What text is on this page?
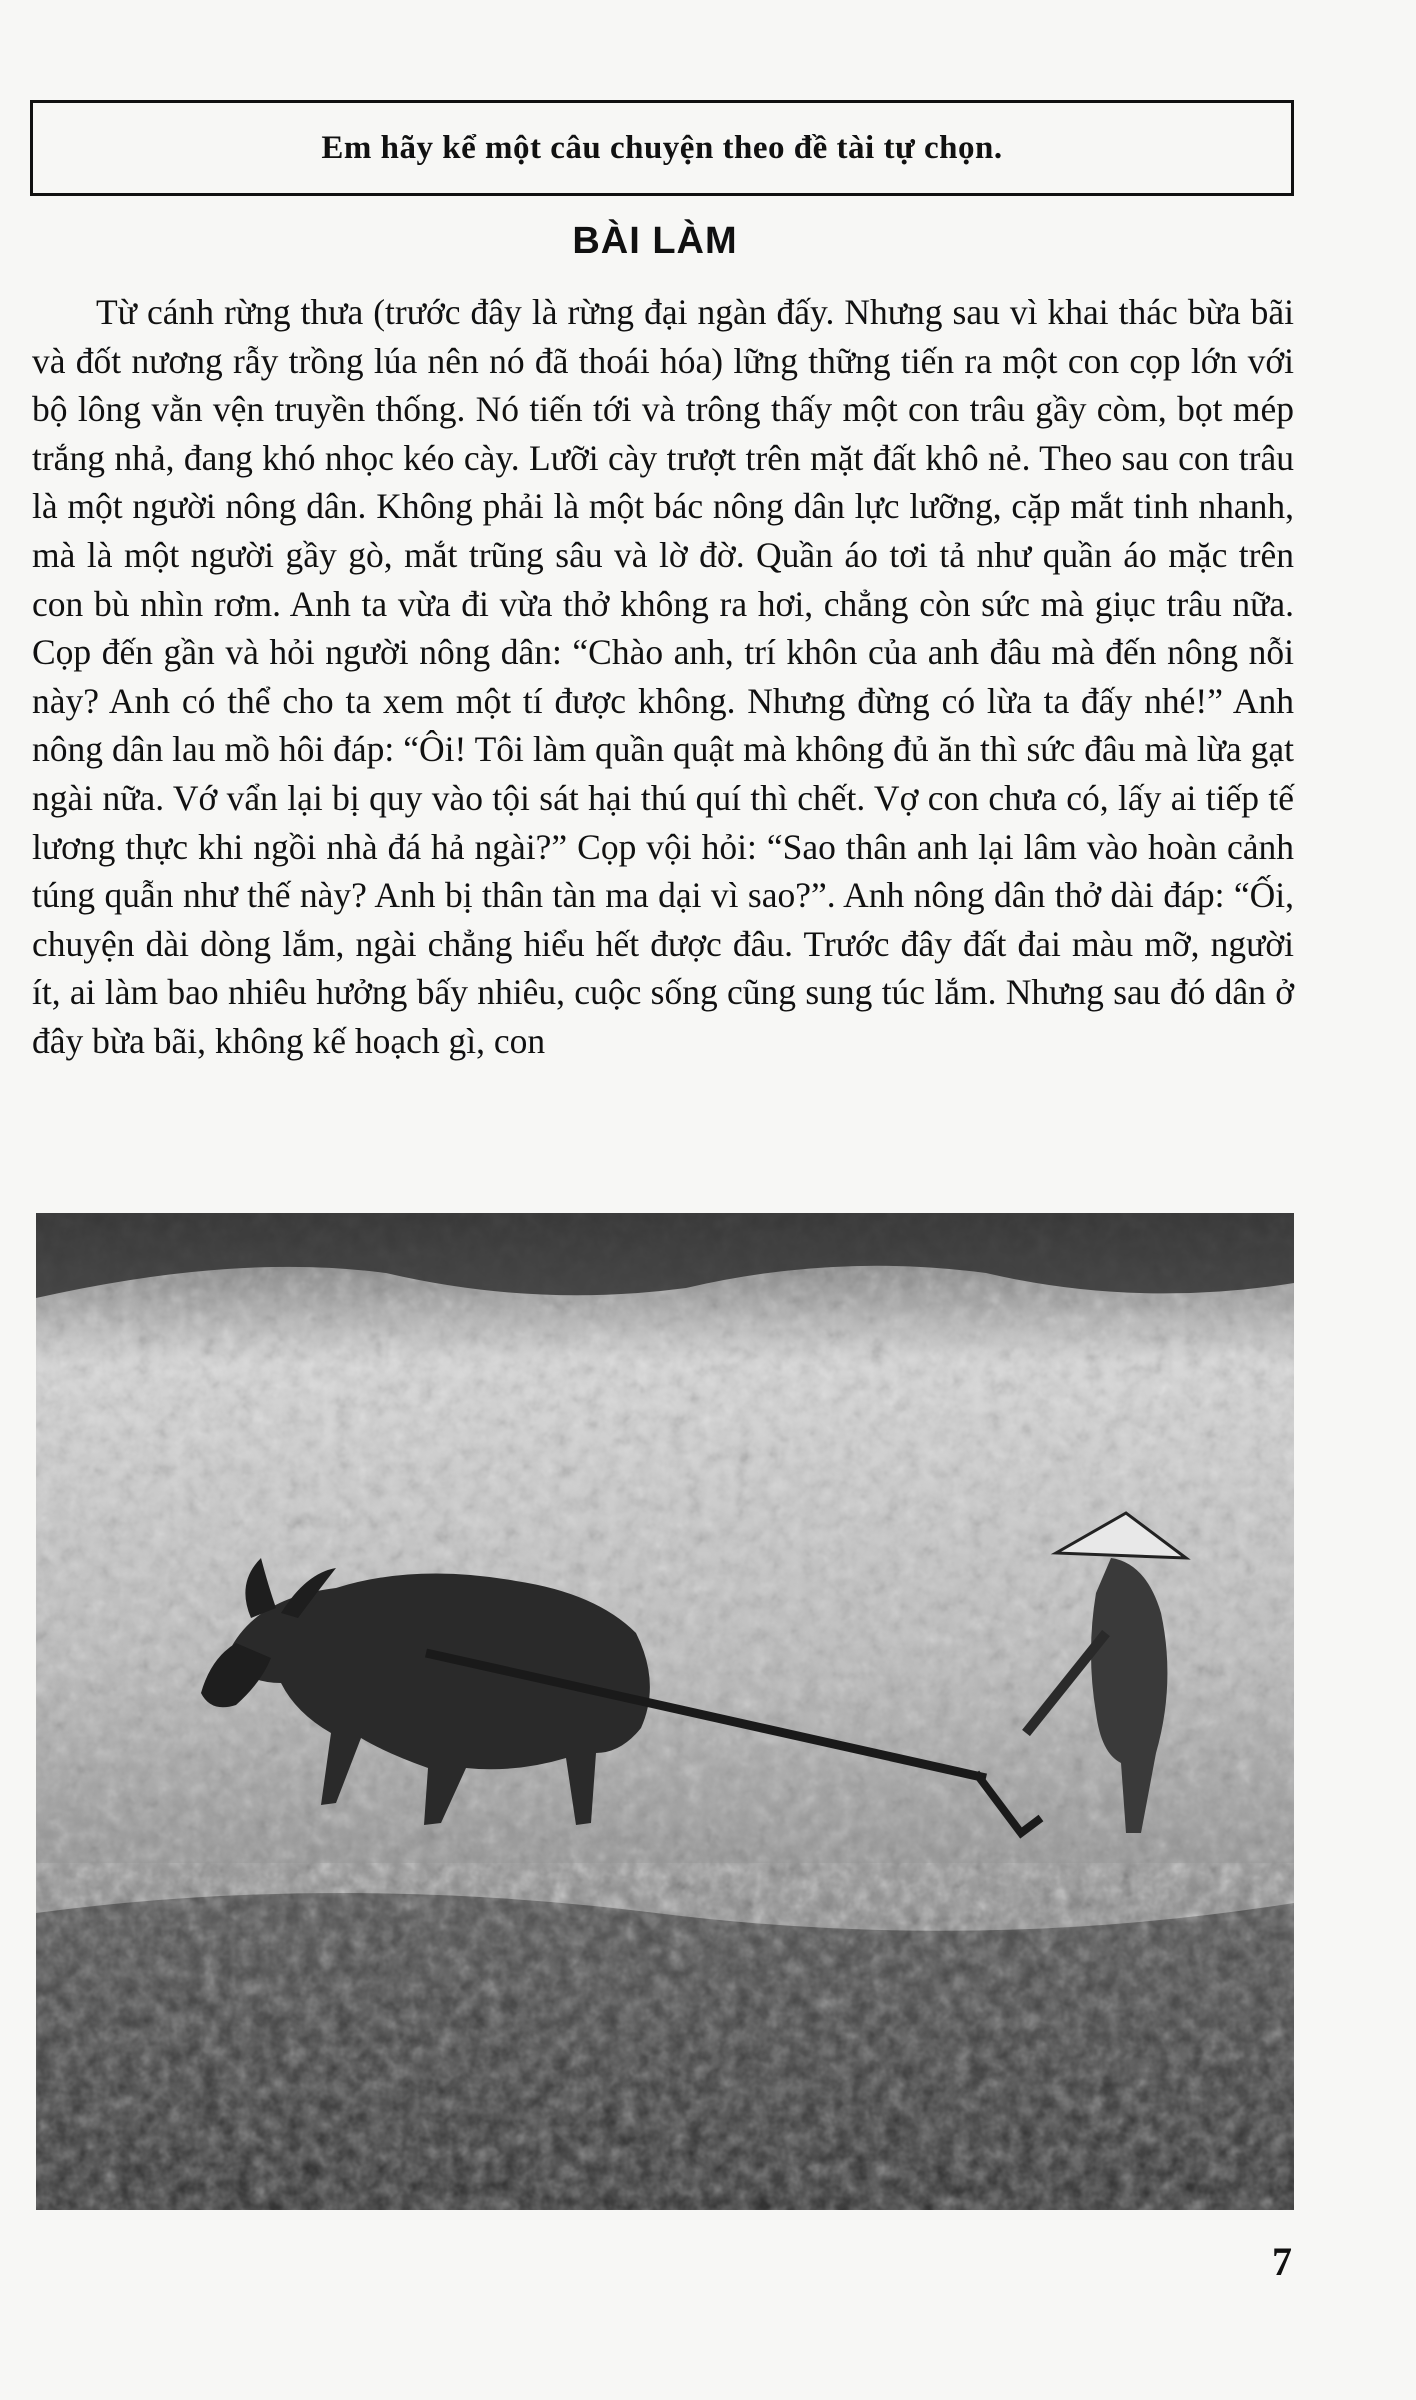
Em hãy kể một câu chuyện theo đề tài tự chọn.
BÀI LÀM

Từ cánh rừng thưa (trước đây là rừng đại ngàn đấy. Nhưng sau vì khai thác bừa bãi và đốt nương rẫy trồng lúa nên nó đã thoái hóa) lững thững tiến ra một con cọp lớn với bộ lông vằn vện truyền thống. Nó tiến tới và trông thấy một con trâu gầy còm, bọt mép trắng nhả, đang khó nhọc kéo cày. Lưỡi cày trượt trên mặt đất khô nẻ. Theo sau con trâu là một người nông dân. Không phải là một bác nông dân lực lưỡng, cặp mắt tinh nhanh, mà là một người gầy gò, mắt trũng sâu và lờ đờ. Quần áo tơi tả như quần áo mặc trên con bù nhìn rơm. Anh ta vừa đi vừa thở không ra hơi, chẳng còn sức mà giục trâu nữa. Cọp đến gần và hỏi người nông dân: “Chào anh, trí khôn của anh đâu mà đến nông nỗi này? Anh có thể cho ta xem một tí được không. Nhưng đừng có lừa ta đấy nhé!” Anh nông dân lau mồ hôi đáp: “Ôi! Tôi làm quần quật mà không đủ ăn thì sức đâu mà lừa gạt ngài nữa. Vớ vẩn lại bị quy vào tội sát hại thú quí thì chết. Vợ con chưa có, lấy ai tiếp tế lương thực khi ngồi nhà đá hả ngài?” Cọp vội hỏi: “Sao thân anh lại lâm vào hoàn cảnh túng quẫn như thế này? Anh bị thân tàn ma dại vì sao?”. Anh nông dân thở dài đáp: “Ối, chuyện dài dòng lắm, ngài chẳng hiểu hết được đâu. Trước đây đất đai màu mỡ, người ít, ai làm bao nhiêu hưởng bấy nhiêu, cuộc sống cũng sung túc lắm. Nhưng sau đó dân ở đây bừa bãi, không kế hoạch gì, con

7
